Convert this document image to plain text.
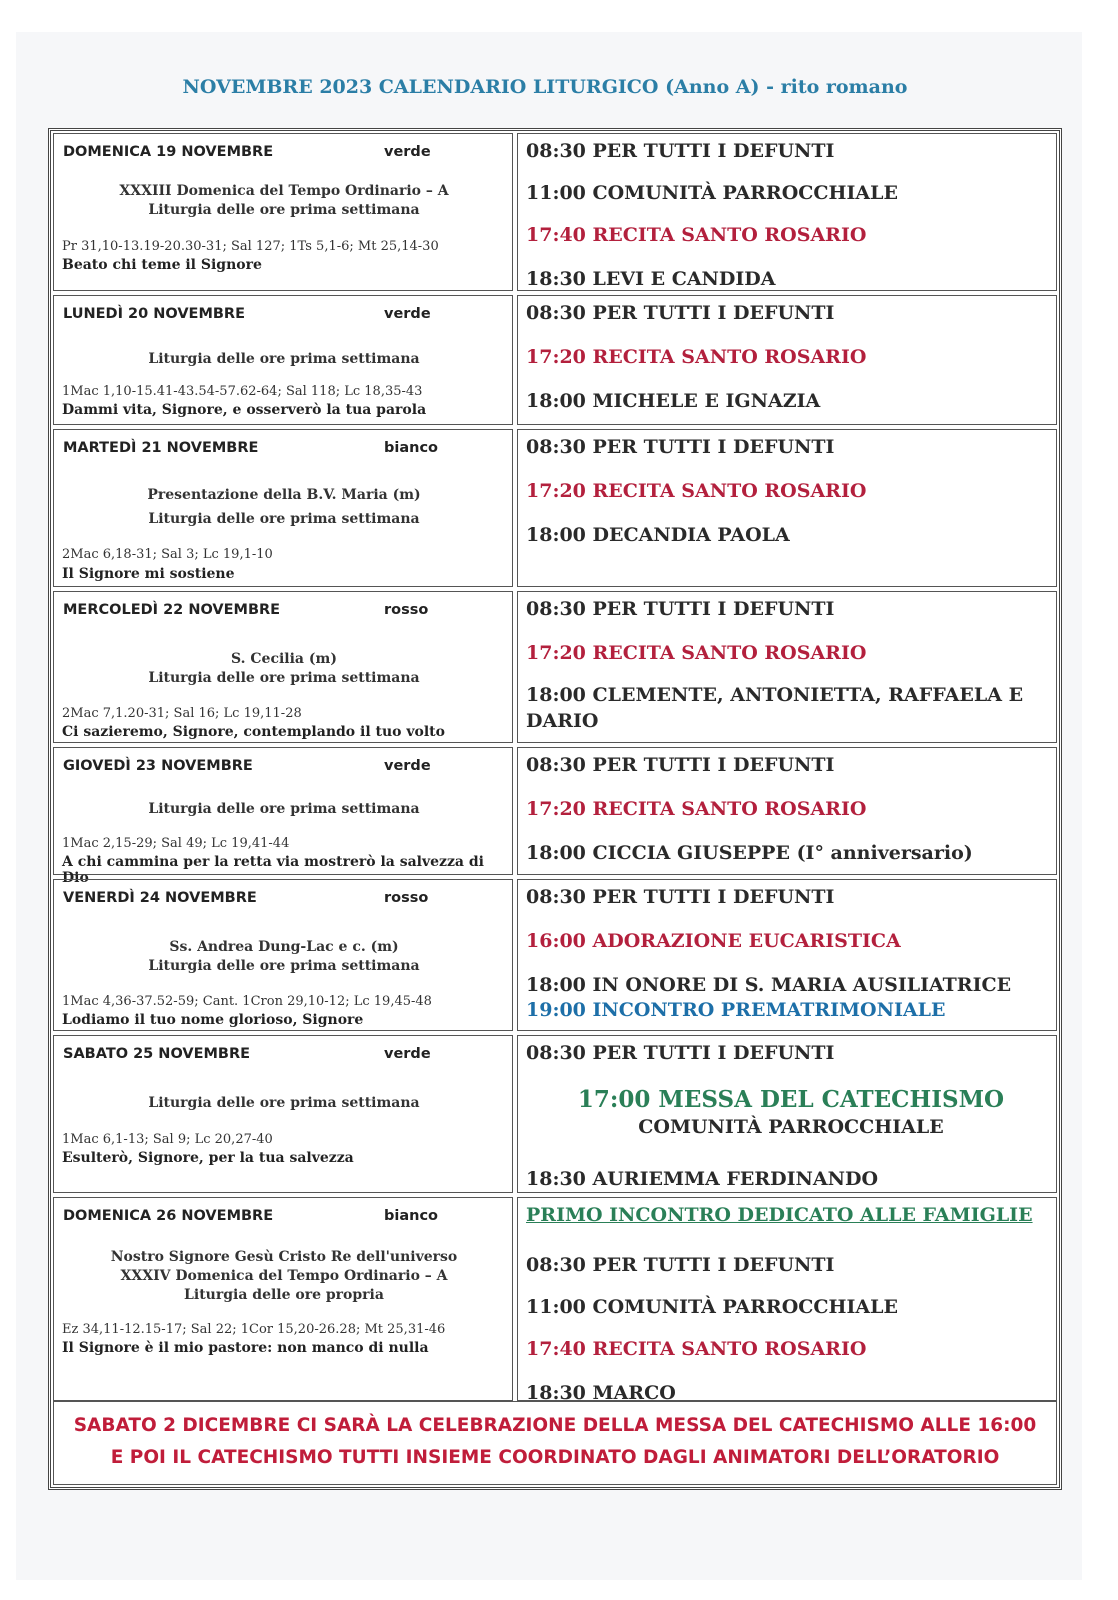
NOVEMBRE 2023 CALENDARIO LITURGICO (Anno A) - rito romano
DOMENICA 19 NOVEMBRE	verde
XXXIII Domenica del Tempo Ordinario – A
Liturgia delle ore prima settimana
Pr 31,10-13.19-20.30-31; Sal 127; 1Ts 5,1-6; Mt 25,14-30
Beato chi teme il Signore
08:30 PER TUTTI I DEFUNTI
11:00 COMUNITÀ PARROCCHIALE
17:40 RECITA SANTO ROSARIO
18:30 LEVI E CANDIDA
LUNEDÌ 20 NOVEMBRE	verde
Liturgia delle ore prima settimana
1Mac 1,10-15.41-43.54-57.62-64; Sal 118; Lc 18,35-43
Dammi vita, Signore, e osserverò la tua parola
08:30 PER TUTTI I DEFUNTI
17:20 RECITA SANTO ROSARIO
18:00 MICHELE E IGNAZIA
MARTEDÌ 21 NOVEMBRE	bianco
Presentazione della B.V. Maria (m)
Liturgia delle ore prima settimana
2Mac 6,18-31; Sal 3; Lc 19,1-10
Il Signore mi sostiene
08:30 PER TUTTI I DEFUNTI
17:20 RECITA SANTO ROSARIO
18:00 DECANDIA PAOLA
MERCOLEDÌ 22 NOVEMBRE	rosso
S. Cecilia (m)
Liturgia delle ore prima settimana
2Mac 7,1.20-31; Sal 16; Lc 19,11-28
Ci sazieremo, Signore, contemplando il tuo volto
08:30 PER TUTTI I DEFUNTI
17:20 RECITA SANTO ROSARIO
18:00 CLEMENTE, ANTONIETTA, RAFFAELA E DARIO
GIOVEDÌ 23 NOVEMBRE	verde
Liturgia delle ore prima settimana
1Mac 2,15-29; Sal 49; Lc 19,41-44
A chi cammina per la retta via mostrerò la salvezza di Dio
08:30 PER TUTTI I DEFUNTI
17:20 RECITA SANTO ROSARIO
18:00 CICCIA GIUSEPPE (I° anniversario)
VENERDÌ 24 NOVEMBRE	rosso
Ss. Andrea Dung-Lac e c. (m)
Liturgia delle ore prima settimana
1Mac 4,36-37.52-59; Cant. 1Cron 29,10-12; Lc 19,45-48
Lodiamo il tuo nome glorioso, Signore
08:30 PER TUTTI I DEFUNTI
16:00 ADORAZIONE EUCARISTICA
18:00 IN ONORE DI S. MARIA AUSILIATRICE
19:00 INCONTRO PREMATRIMONIALE
SABATO 25 NOVEMBRE	verde
Liturgia delle ore prima settimana
1Mac 6,1-13; Sal 9; Lc 20,27-40
Esulterò, Signore, per la tua salvezza
08:30 PER TUTTI I DEFUNTI
17:00 MESSA DEL CATECHISMO
COMUNITÀ PARROCCHIALE
18:30 AURIEMMA FERDINANDO
DOMENICA 26 NOVEMBRE	bianco
Nostro Signore Gesù Cristo Re dell'universo
XXXIV Domenica del Tempo Ordinario – A
Liturgia delle ore propria
Ez 34,11-12.15-17; Sal 22; 1Cor 15,20-26.28; Mt 25,31-46
Il Signore è il mio pastore: non manco di nulla
PRIMO INCONTRO DEDICATO ALLE FAMIGLIE
08:30 PER TUTTI I DEFUNTI
11:00 COMUNITÀ PARROCCHIALE
17:40 RECITA SANTO ROSARIO
18:30 MARCO
SABATO 2 DICEMBRE CI SARÀ LA CELEBRAZIONE DELLA MESSA DEL CATECHISMO ALLE 16:00
E POI IL CATECHISMO TUTTI INSIEME COORDINATO DAGLI ANIMATORI DELL’ORATORIO
